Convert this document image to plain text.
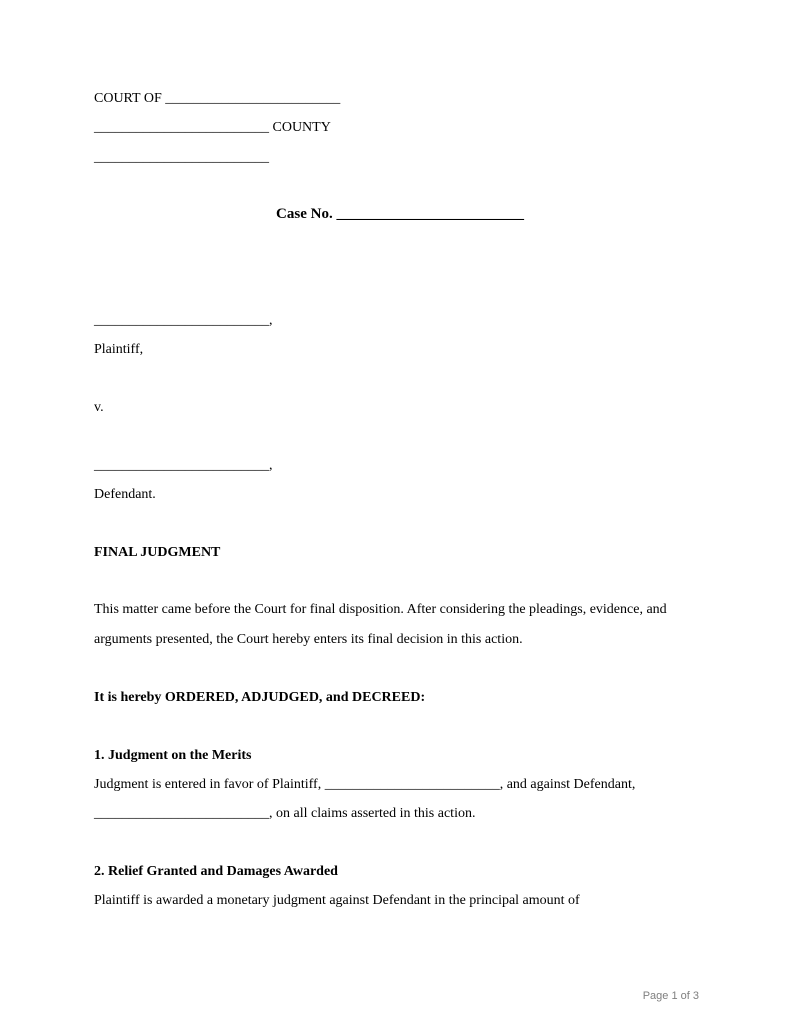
COURT OF _________________________
_________________________ COUNTY
_________________________
Case No. _________________________
_________________________,
Plaintiff,
v.
_________________________,
Defendant.
FINAL JUDGMENT
This matter came before the Court for final disposition. After considering the pleadings, evidence, and
arguments presented, the Court hereby enters its final decision in this action.
It is hereby ORDERED, ADJUDGED, and DECREED:
1. Judgment on the Merits
Judgment is entered in favor of Plaintiff, _________________________, and against Defendant,
_________________________, on all claims asserted in this action.
2. Relief Granted and Damages Awarded
Plaintiff is awarded a monetary judgment against Defendant in the principal amount of
Page 1 of 3
